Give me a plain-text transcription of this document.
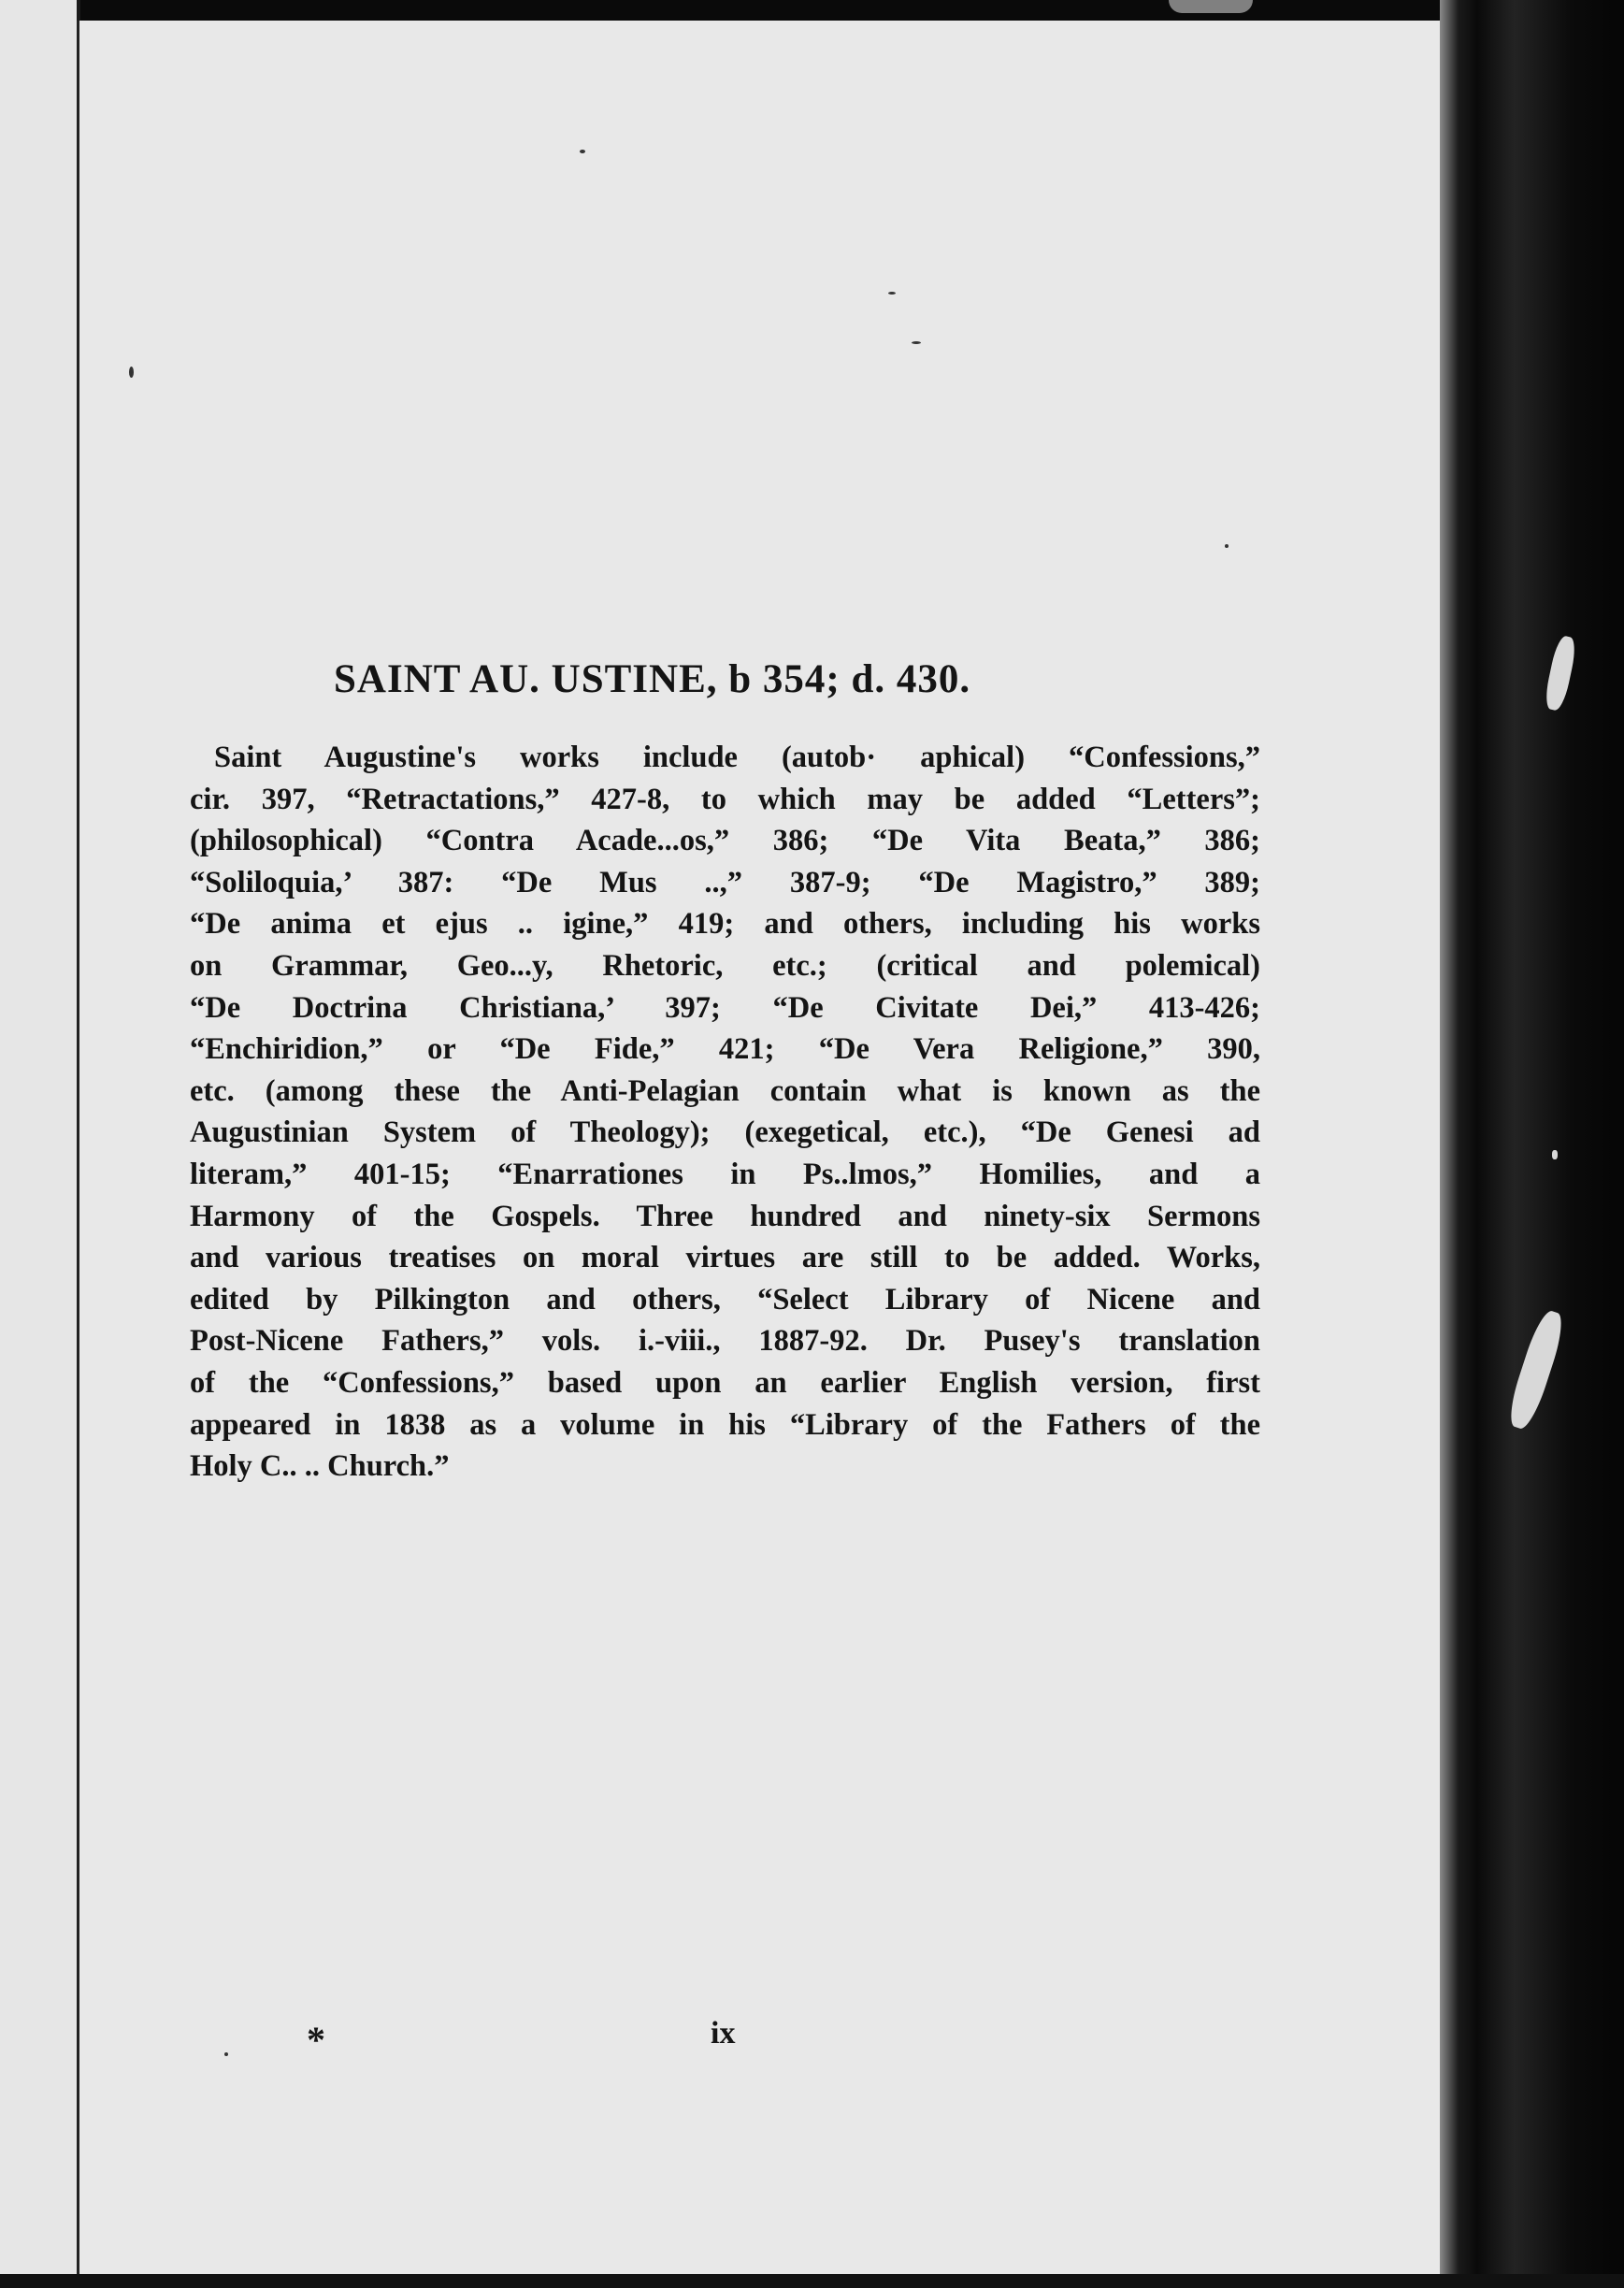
SAINT AU. USTINE, b 354; d. 430.
Saint Augustine's works include (autob· aphical) “Confessions,”
cir. 397, “Retractations,” 427-8, to which may be added “Letters”;
(philosophical) “Contra Acade...os,” 386; “De Vita Beata,” 386;
“Soliloquia,’ 387: “De Mus ..,” 387-9; “De Magistro,” 389;
“De anima et ejus .. igine,” 419; and others, including his works
on Grammar, Geo...y, Rhetoric, etc.; (critical and polemical)
“De Doctrina Christiana,’ 397; “De Civitate Dei,” 413-426;
“Enchiridion,” or “De Fide,” 421; “De Vera Religione,” 390,
etc. (among these the Anti-Pelagian contain what is known as the
Augustinian System of Theology); (exegetical, etc.), “De Genesi ad
literam,” 401-15; “Enarrationes in Ps..lmos,” Homilies, and a
Harmony of the Gospels. Three hundred and ninety-six Sermons
and various treatises on moral virtues are still to be added. Works,
edited by Pilkington and others, “Select Library of Nicene and
Post-Nicene Fathers,” vols. i.-viii., 1887-92. Dr. Pusey's translation
of the “Confessions,” based upon an earlier English version, first
appeared in 1838 as a volume in his “Library of the Fathers of the
Holy C.. .. Church.”
*	ix
